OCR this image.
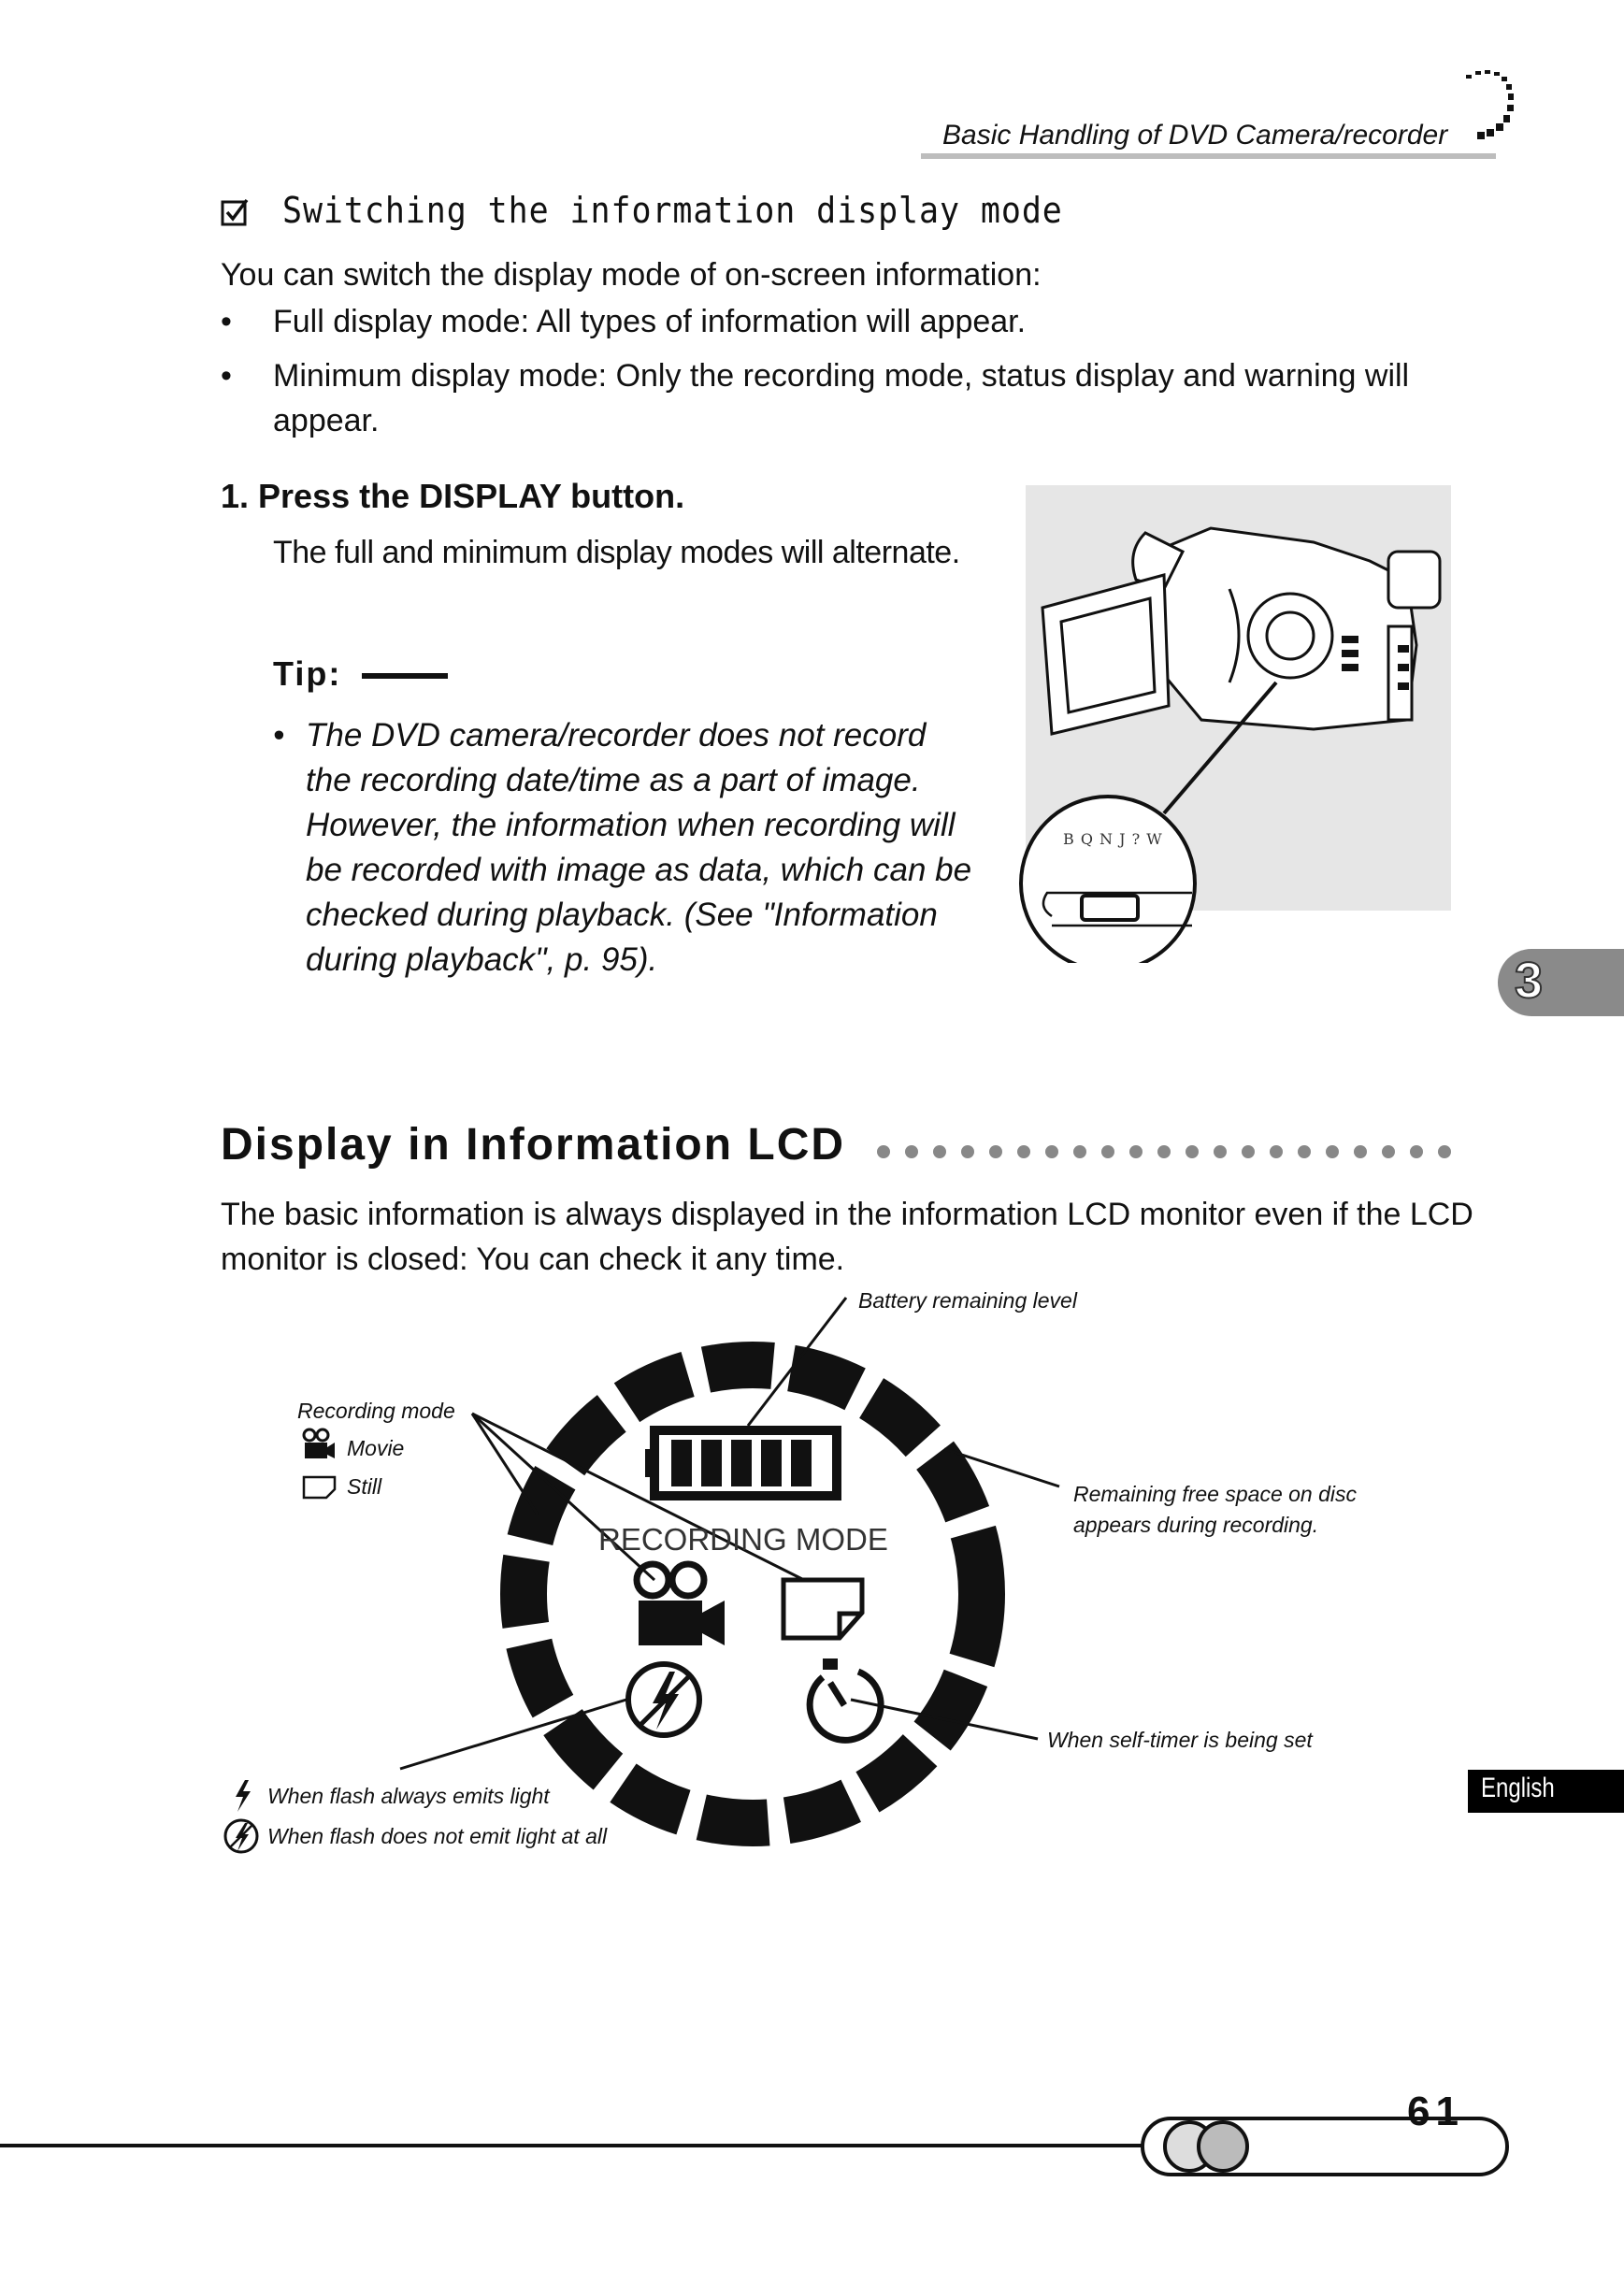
Basic Handling of DVD Camera/recorder
Switching the information display mode
You can switch the display mode of on-screen information:
• Full display mode: All types of information will appear.
• Minimum display mode: Only the recording mode, status display and warning will appear.
1. Press the DISPLAY button.
The full and minimum display modes will alternate.
Tip:
• The DVD camera/recorder does not record the recording date/time as a part of image. However, the information when recording will be recorded with image as data, which can be checked during playback. (See "Information during playback", p. 95).
B Q N J ? W
3
Display in Information LCD
The basic information is always displayed in the information LCD monitor even if the LCD monitor is closed: You can check it any time.
RECORDING MODE
Battery remaining level
Recording mode
Movie
Still	Remaining free space on disc appears during recording.
When self-timer is being set
When flash always emits light
When flash does not emit light at all
English
61
